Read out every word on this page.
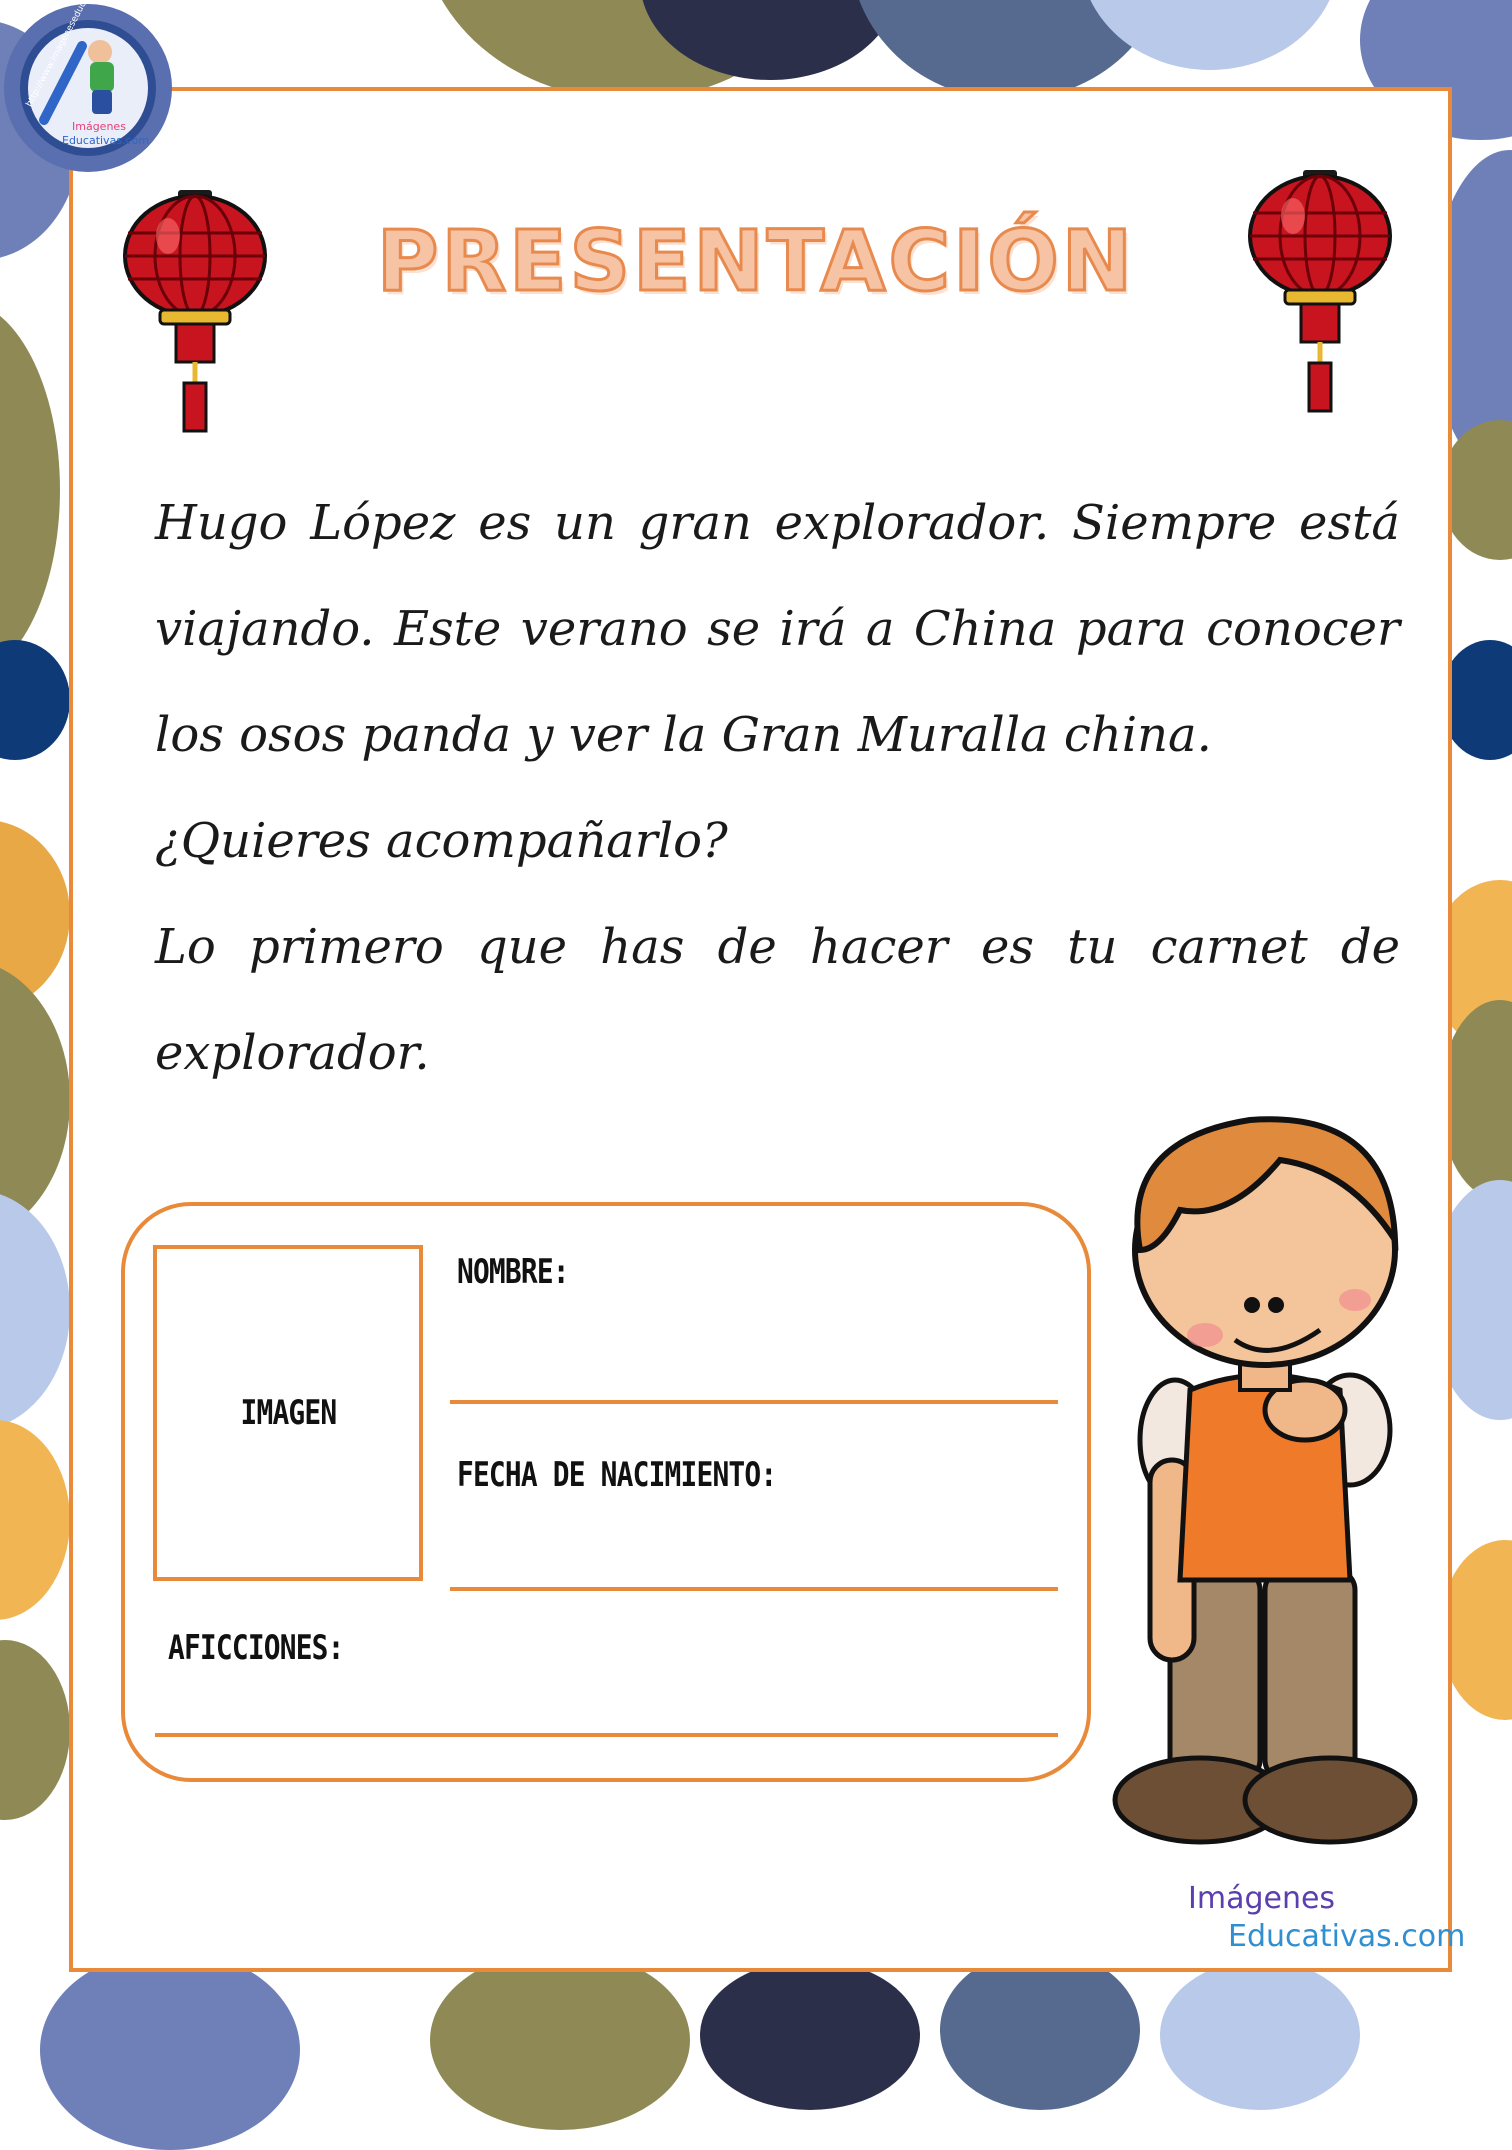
Imágenes
Educativas.com
PRESENTACIÓN

Hugo López es un gran explorador. Siempre está viajando. Este verano se irá a China para conocer los osos panda y ver la Gran Muralla china.

¿Quieres acompañarlo?

Lo primero que has de hacer es tu carnet de explorador.

IMAGEN
NOMBRE:
FECHA DE NACIMIENTO:
AFICCIONES:
Imágenes
Educativas.com
